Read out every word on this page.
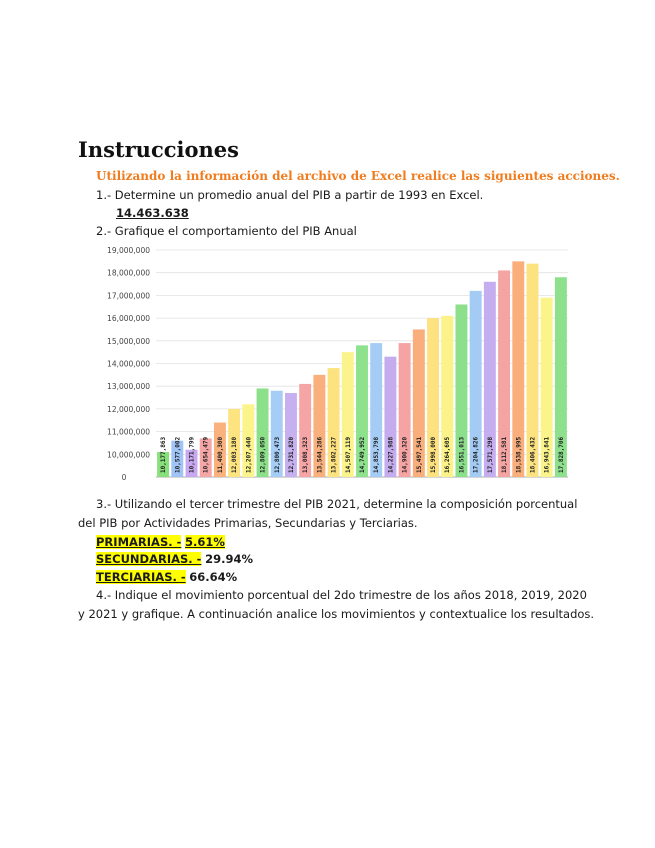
Instrucciones
Utilizando la información del archivo de Excel realice las siguientes acciones.
1.- Determine un promedio anual del PIB a partir de 1993 en Excel.
14.463.638
2.- Grafique el comportamiento del PIB Anual
0
10,000,000
11,000,000
12,000,000
13,000,000
14,000,000
15,000,000
16,000,000
17,000,000
18,000,000
19,000,000
10,177,863 10,577,002 10,171,799 10,654,479 11,400,300 12,003,180 12,207,440 12,809,050 12,800,473 12,731,820 13,008,323 13,544,286 13,802,227 14,507,119 14,749,952 14,853,798 14,227,988 14,900,320 15,497,541 15,998,000 16,264,605 16,551,013 17,204,826 17,571,298 18,112,581 18,538,995 18,406,432 16,943,841 17,828,706
3.- Utilizando el tercer trimestre del PIB 2021, determine la composición porcentual
del PIB por Actividades Primarias, Secundarias y Terciarias.
PRIMARIAS. - 5.61%
SECUNDARIAS. - 29.94%
TERCIARIAS. - 66.64%
4.- Indique el movimiento porcentual del 2do trimestre de los años 2018, 2019, 2020
y 2021 y grafique. A continuación analice los movimientos y contextualice los resultados.
